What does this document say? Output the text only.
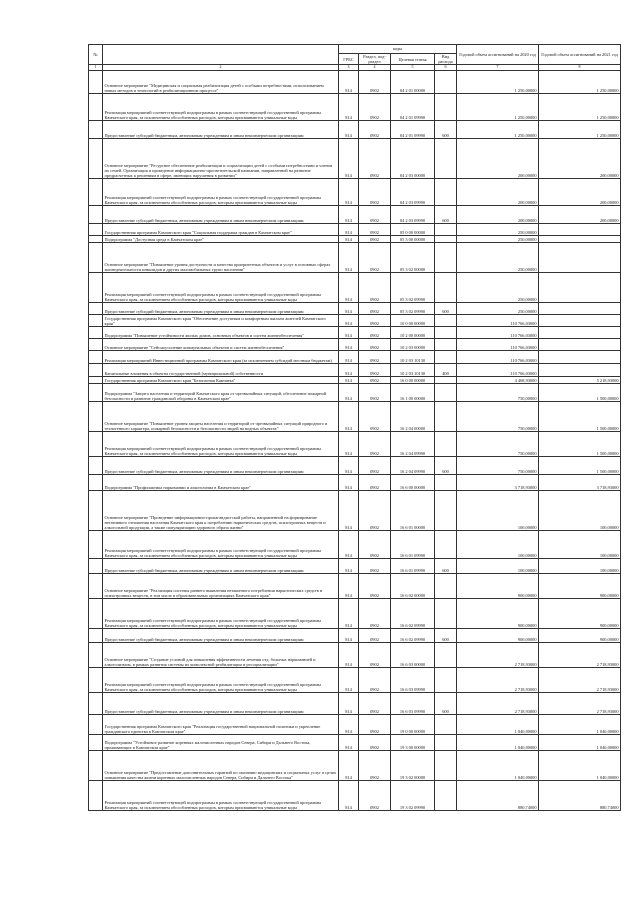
№		коды				Годовой объем ассигнований на 2020 год	Годовой объем ассигнований на 2021 год
		ГРБС	Раздел, под-раздел	Целевая статья	Вид расхода		
1	2	3	4	5	6	7	8
	Основное мероприятие "Медицинская и социальная реабилитация детей с особыми потребностями, использованием новых методов и технологий в реабилитационном процессе"	814	0902	04 2 01 00000		1 250,00000	1 250,00000
	Реализация мероприятий соответствующей подпрограммы в рамках соответствующей государственной программы Камчатского края, за исключением обособленных расходов, которым присваиваются уникальные коды	814	0902	04 2 01 09990		1 250,00000	1 250,00000
	Предоставление субсидий бюджетным, автономным учреждениям и иным некоммерческим организациям	814	0902	04 2 01 09990	600	1 250,00000	1 250,00000
	Основное мероприятие "Ресурсное обеспечение реабилитации и социализации детей с особыми потребностями и членов их семей. Организация и проведение информационно-просветительской кампании, направленной на развитие предрасчетных к решениям в сфере, имеющих нарушения в развитии"	814	0902	04 2 03 00000		200,00000	200,00000
	Реализация мероприятий соответствующей подпрограммы в рамках соответствующей государственной программы Камчатского края, за исключением обособленных расходов, которым присваиваются уникальные коды	814	0902	04 2 03 09990		200,00000	200,00000
	Предоставление субсидий бюджетным, автономным учреждениям и иным некоммерческим организациям	814	0902	04 2 03 09990	600	200,00000	200,00000
	Государственная программа Камчатского края "Социальная поддержка граждан в Камчатском крае"	814	0902	05 0 00 00000		250,00000	
	Подпрограмма "Доступная среда в Камчатском крае"	814	0902	05 3 00 00000		250,00000	
	Основное мероприятие "Повышение уровня доступности и качества приоритетных объектов и услуг в основных сферах жизнедеятельности инвалидов и других маломобильных групп населения"	814	0902	05 3 02 00000		250,00000	
	Реализация мероприятий соответствующей подпрограммы в рамках соответствующей государственной программы Камчатского края, за исключением обособленных расходов, которым присваиваются уникальные коды	814	0902	05 3 02 09990		250,00000	
	Предоставление субсидий бюджетным, автономным учреждениям и иным некоммерческим организациям	814	0902	05 3 02 09990	600	250,00000	
	Государственная программа Камчатского края "Обеспечение доступным и комфортным жильем жителей Камчатского края"	814	0902	10 0 00 00000		110 766,03000	
	Подпрограмма "Повышение устойчивости жилых домов, основных объектов и систем жизнеобеспечения"	814	0902	10 2 00 00000		110 766,03000	
	Основное мероприятие "Сейсмоусиление коммунальных объектов и систем жизнеобеспечения"	814	0902	10 2 03 00000		110 766,03000	
	Реализация мероприятий Инвестиционной программы Камчатского края (за исключением субсидий местным бюджетам)	814	0902	10 2 03 10130		110 766,03000	
	Капитальные вложения в объекты государственной (муниципальной) собственности	814	0902	10 2 03 10130	400	110 766,03000	
	Государственная программа Камчатского края "Безопасная Камчатка"	814	0902	16 0 00 00000		4 468,93000	5 218,93000
	Подпрограмма "Защита населения и территорий Камчатского края от чрезвычайных ситуаций, обеспечение пожарной безопасности и развитие гражданской обороны в Камчатском крае"	814	0902	16 1 00 00000		750,00000	1 500,00000
	Основное мероприятие "Повышение уровня защиты населения и территорий от чрезвычайных ситуаций природного и техногенного характера, пожарной безопасности и безопасности людей на водных объектах"	814	0902	16 2 04 00000		750,00000	1 500,00000
	Реализация мероприятий соответствующей подпрограммы в рамках соответствующей государственной программы Камчатского края, за исключением обособленных расходов, которым присваиваются уникальные коды	814	0902	16 2 04 09990		750,00000	1 500,00000
	Предоставление субсидий бюджетным, автономным учреждениям и иным некоммерческим организациям	814	0902	16 2 04 09990	600	750,00000	1 500,00000
	Подпрограмма "Профилактика наркомании и алкоголизма в Камчатском крае"	814	0902	16 6 00 00000		3 718,93000	3 718,93000
	Основное мероприятие "Проведение информационно-пропагандистской работы, направленной на формирование негативного отношения населения Камчатского края к потреблению наркотических средств, психотропных веществ и алкогольной продукции, а также популяризацию здорового образа жизни"	814	0902	16 6 01 00000		100,00000	100,00000
	Реализация мероприятий соответствующей подпрограммы в рамках соответствующей государственной программы Камчатского края, за исключением обособленных расходов, которым присваиваются уникальные коды	814	0902	16 6 01 09990		100,00000	100,00000
	Предоставление субсидий бюджетным, автономным учреждениям и иным некоммерческим организациям	814	0902	16 6 01 09990	600	100,00000	100,00000
	Основное мероприятие "Реализация системы раннего выявления незаконного потребления наркотических средств и психотропных веществ, в том числе в образовательных организациях Камчатского края"	814	0902	16 6 02 00000		900,00000	900,00000
	Реализация мероприятий соответствующей подпрограммы в рамках соответствующей государственной программы Камчатского края, за исключением обособленных расходов, которым присваиваются уникальные коды	814	0902	16 6 02 09990		900,00000	900,00000
	Предоставление субсидий бюджетным, автономным учреждениям и иным некоммерческим организациям	814	0902	16 6 02 09990	600	900,00000	900,00000
	Основное мероприятие "Создание условий для повышения эффективности лечения отд. больных наркоманией и алкоголизмом, в рамках развития системы их комплексной реабилитации и ресоциализации"	814	0902	16 6 03 00000		2 718,93000	2 718,93000
	Реализация мероприятий соответствующей подпрограммы в рамках соответствующей государственной программы Камчатского края, за исключением обособленных расходов, которым присваиваются уникальные коды	814	0902	16 6 03 09990		2 718,93000	2 718,93000
	Предоставление субсидий бюджетным, автономным учреждениям и иным некоммерческим организациям	814	0902	16 6 03 09990	600	2 718,93000	2 718,93000
	Государственная программа Камчатского края "Реализация государственной национальной политики и укрепление гражданского единства в Камчатском крае"	814	0902	19 0 00 00000		1 040,00000	1 040,00000
	Подпрограмма "Устойчивое развитие коренных малочисленных народов Севера, Сибири и Дальнего Востока, проживающих в Камчатском крае"	814	0902	19 3 00 00000		1 040,00000	1 040,00000
	Основное мероприятие "Предоставление дополнительных гарантий по оказанию медицинских и социальных услуг в целях повышения качества жизни коренных малочисленных народов Севера, Сибири и Дальнего Востока"	814	0902	19 3 02 00000		1 040,00000	1 040,00000
	Реализация мероприятий соответствующей подпрограммы в рамках соответствующей государственной программы Камчатского края, за исключением обособленных расходов, которым присваиваются уникальные коды	814	0902	19 3 02 09990		880,74000	880,74000
